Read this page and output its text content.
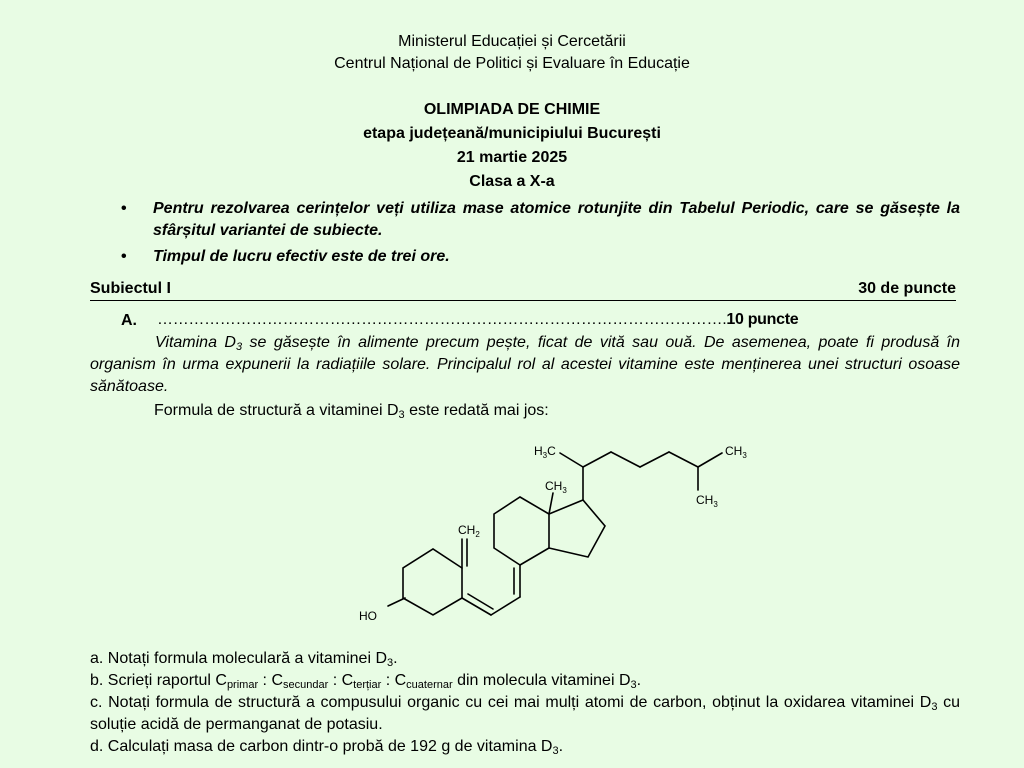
Ministerul Educației și Cercetării
Centrul Național de Politici și Evaluare în Educație
OLIMPIADA DE CHIMIE
etapa județeană/municipiului București
21 martie 2025
Clasa a X-a
• Pentru rezolvarea cerințelor veți utiliza mase atomice rotunjite din Tabelul Periodic, care se găsește la sfârșitul variantei de subiecte.
• Timpul de lucru efectiv este de trei ore.
Subiectul I	30 de puncte
A. ……………………………………………………………………………………………….10 puncte

Vitamina $D_3$ se găsește în alimente precum pește, ficat de vită sau ouă. De asemenea, poate fi produsă în organism în urma expunerii la radiațiile solare. Principalul rol al acestei vitamine este menținerea unei structuri osoase sănătoase.

Formula de structură a vitaminei $D_3$ este redată mai jos:
$H_3C$	$CH_3$
$CH_3$
$CH_3$
$CH_2$
HO

a. Notați formula moleculară a vitaminei $D_3$.

b. Scrieți raportul $C_{primar}$ : $C_{secundar}$ : $C_{terțiar}$ : $C_{cuaternar}$ din molecula vitaminei $D_3$.

c. Notați formula de structură a compusului organic cu cei mai mulți atomi de carbon, obținut la oxidarea vitaminei $D_3$ cu soluție acidă de permanganat de potasiu.

d. Calculați masa de carbon dintr-o probă de 192 g de vitamina $D_3$.
